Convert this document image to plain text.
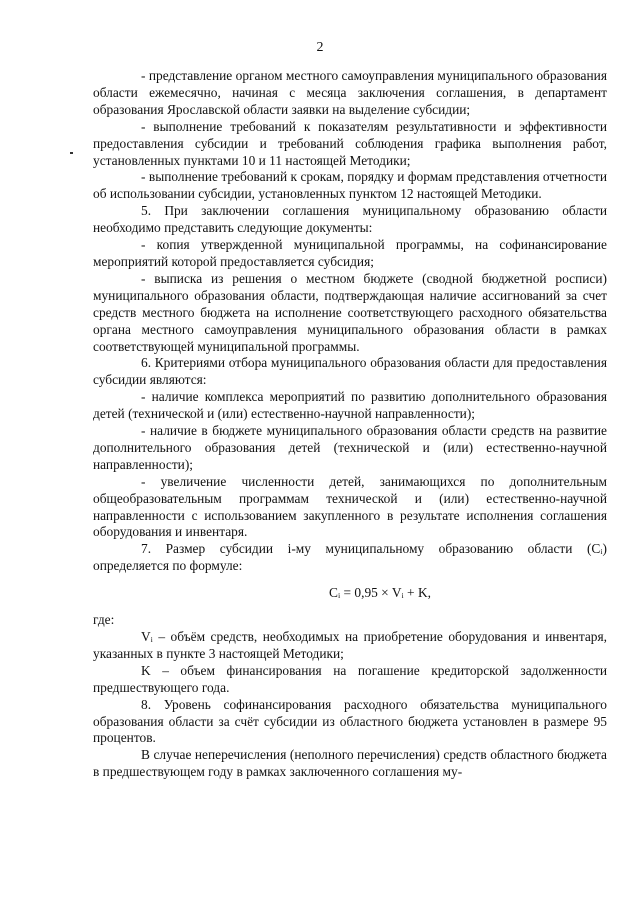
2

- представление органом местного самоуправления муниципального образования области ежемесячно, начиная с месяца заключения соглашения, в департамент образования Ярославской области заявки на выделение субсидии;

- выполнение требований к показателям результативности и эффективности предоставления субсидии и требований соблюдения графика выполнения работ, установленных пунктами 10 и 11 настоящей Методики;

- выполнение требований к срокам, порядку и формам представления отчетности об использовании субсидии, установленных пунктом 12 настоящей Методики.

5. При заключении соглашения муниципальному образованию области необходимо представить следующие документы:

- копия утвержденной муниципальной программы, на софинансирование мероприятий которой предоставляется субсидия;

- выписка из решения о местном бюджете (сводной бюджетной росписи) муниципального образования области, подтверждающая наличие ассигнований за счет средств местного бюджета на исполнение соответствующего расходного обязательства органа местного самоуправления муниципального образования области в рамках соответствующей муниципальной программы.

6. Критериями отбора муниципального образования области для предоставления субсидии являются:

- наличие комплекса мероприятий по развитию дополнительного образования детей (технической и (или) естественно-научной направленности);

- наличие в бюджете муниципального образования области средств на развитие дополнительного образования детей (технической и (или) естественно-научной направленности);

- увеличение численности детей, занимающихся по дополнительным общеобразовательным программам технической и (или) естественно-научной направленности с использованием закупленного в результате исполнения соглашения оборудования и инвентаря.

7. Размер субсидии i-му муниципальному образованию области (Cᵢ) определяется по формуле:

Cᵢ = 0,95 × Vᵢ + K,

где:

Vᵢ – объём средств, необходимых на приобретение оборудования и инвентаря, указанных в пункте 3 настоящей Методики;

K – объем финансирования на погашение кредиторской задолженности предшествующего года.

8. Уровень софинансирования расходного обязательства муниципального образования области за счёт субсидии из областного бюджета установлен в размере 95 процентов.

В случае неперечисления (неполного перечисления) средств областного бюджета в предшествующем году в рамках заключенного соглашения му-
